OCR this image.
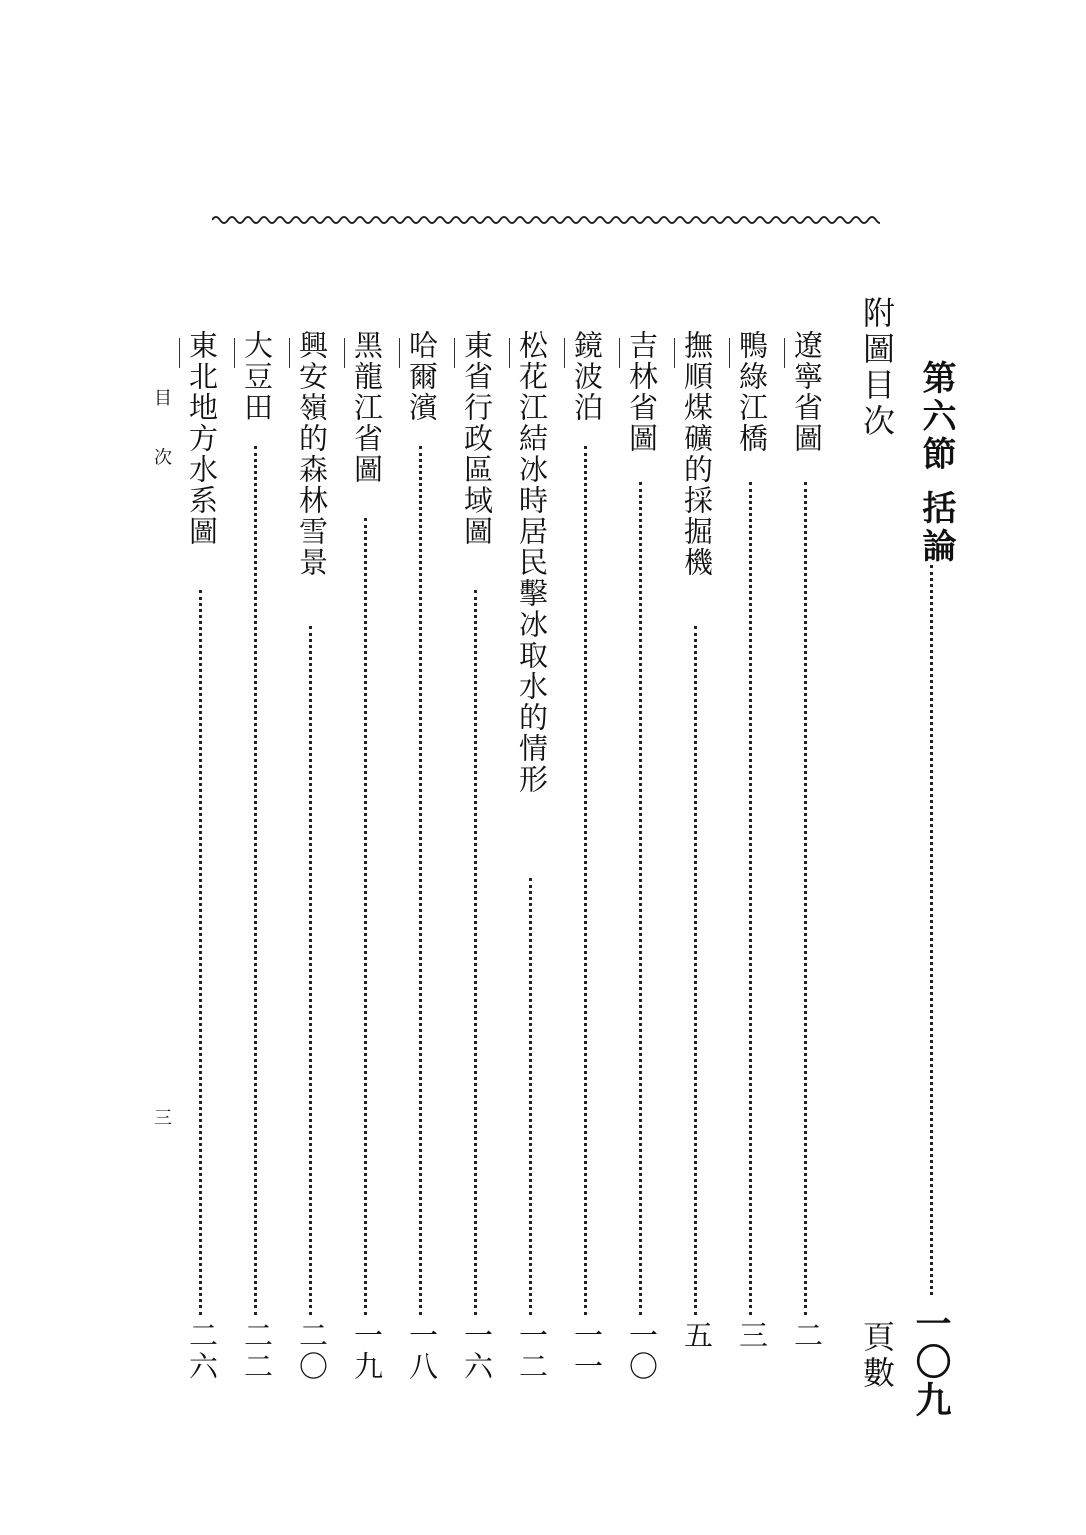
第六節 括論
一〇九
附圖目次
頁數
遼寧省圖
二
鴨綠江橋
三
撫順煤礦的採掘機
五
吉林省圖
一〇
鏡波泊
一一
松花江結冰時居民擊冰取水的情形
一二
東省行政區域圖
一六
哈爾濱
一八
黑龍江省圖
一九
興安嶺的森林雪景
二〇
大豆田
二二
東北地方水系圖
二六
目 次
三
